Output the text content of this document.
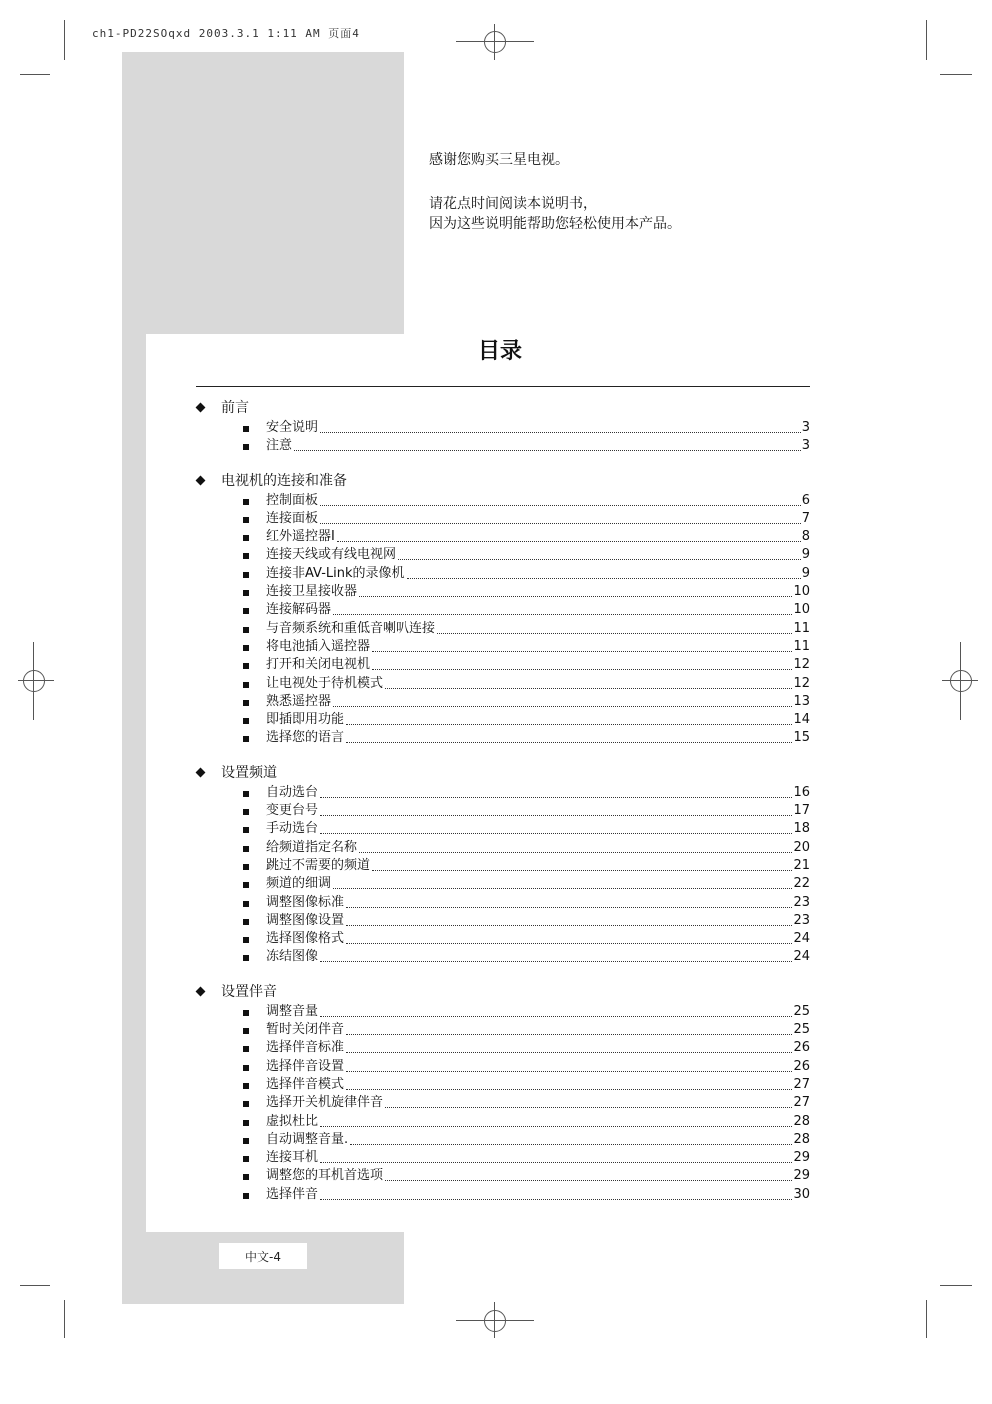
ch1-PD22SOqxd 2003.3.1 1:11 AM 页面4
中文-4
感谢您购买三星电视。
请花点时间阅读本说明书，
因为这些说明能帮助您轻松使用本产品。
目录
前言
安全说明	3
注意	3
电视机的连接和准备
控制面板	6
连接面板	7
红外遥控器I	8
连接天线或有线电视网	9
连接非AV-Link的录像机	9
连接卫星接收器	10
连接解码器	10
与音频系统和重低音喇叭连接	11
将电池插入遥控器	11
打开和关闭电视机	12
让电视处于待机模式	12
熟悉遥控器	13
即插即用功能	14
选择您的语言	15
设置频道
自动选台	16
变更台号	17
手动选台	18
给频道指定名称	20
跳过不需要的频道	21
频道的细调	22
调整图像标准	23
调整图像设置	23
选择图像格式	24
冻结图像	24
设置伴音
调整音量	25
暂时关闭伴音	25
选择伴音标准	26
选择伴音设置	26
选择伴音模式	27
选择开关机旋律伴音	27
虚拟杜比	28
自动调整音量.	28
连接耳机	29
调整您的耳机首选项	29
选择伴音	30
